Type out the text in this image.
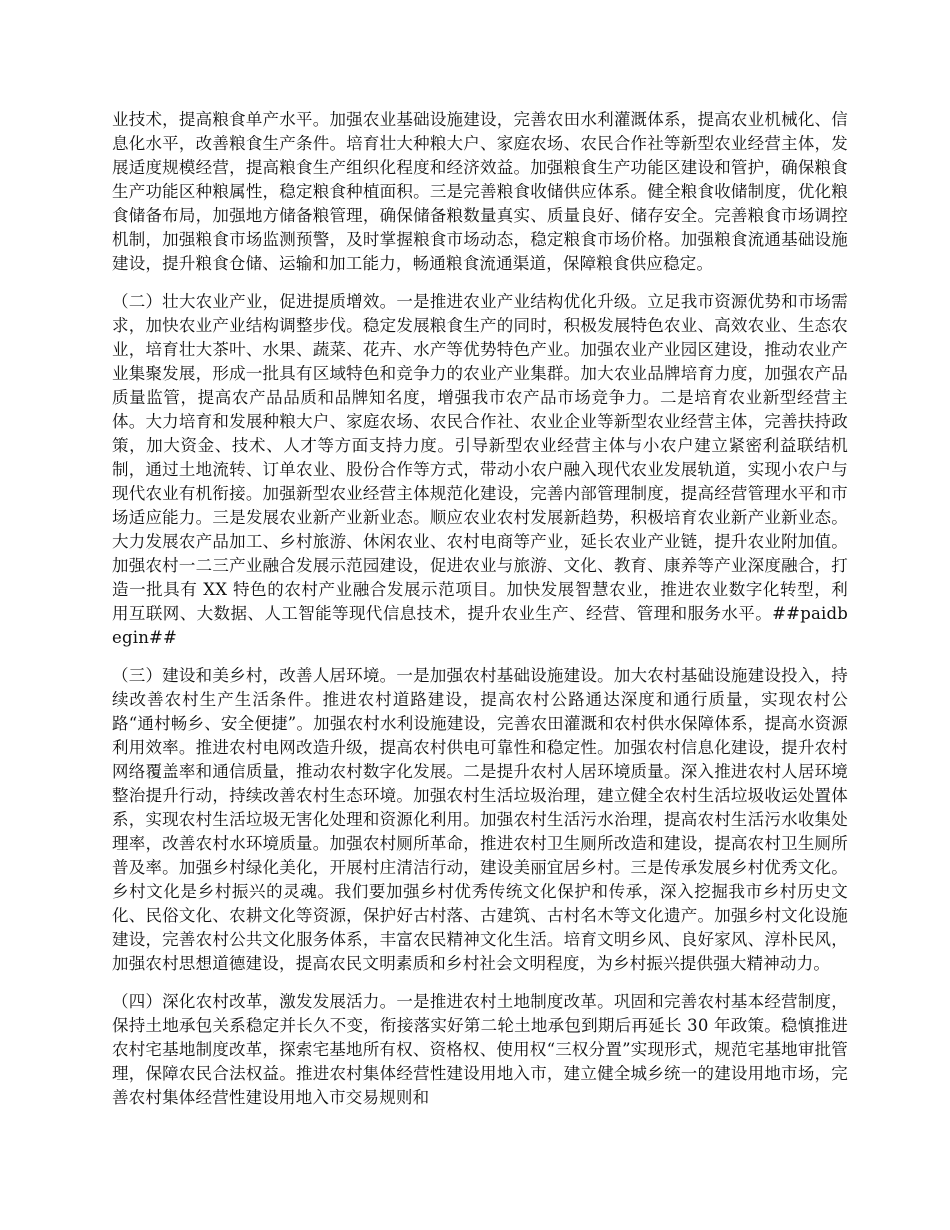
业技术，提高粮食单产水平。加强农业基础设施建设，完善农田水利灌溉体系，提高农业机械化、信息化水平，改善粮食生产条件。培育壮大种粮大户、家庭农场、农民合作社等新型农业经营主体，发展适度规模经营，提高粮食生产组织化程度和经济效益。加强粮食生产功能区建设和管护，确保粮食生产功能区种粮属性，稳定粮食种植面积。三是完善粮食收储供应体系。健全粮食收储制度，优化粮食储备布局，加强地方储备粮管理，确保储备粮数量真实、质量良好、储存安全。完善粮食市场调控机制，加强粮食市场监测预警，及时掌握粮食市场动态，稳定粮食市场价格。加强粮食流通基础设施建设，提升粮食仓储、运输和加工能力，畅通粮食流通渠道，保障粮食供应稳定。

（二）壮大农业产业，促进提质增效。一是推进农业产业结构优化升级。立足我市资源优势和市场需求，加快农业产业结构调整步伐。稳定发展粮食生产的同时，积极发展特色农业、高效农业、生态农业，培育壮大茶叶、水果、蔬菜、花卉、水产等优势特色产业。加强农业产业园区建设，推动农业产业集聚发展，形成一批具有区域特色和竞争力的农业产业集群。加大农业品牌培育力度，加强农产品质量监管，提高农产品品质和品牌知名度，增强我市农产品市场竞争力。二是培育农业新型经营主体。大力培育和发展种粮大户、家庭农场、农民合作社、农业企业等新型农业经营主体，完善扶持政策，加大资金、技术、人才等方面支持力度。引导新型农业经营主体与小农户建立紧密利益联结机制，通过土地流转、订单农业、股份合作等方式，带动小农户融入现代农业发展轨道，实现小农户与现代农业有机衔接。加强新型农业经营主体规范化建设，完善内部管理制度，提高经营管理水平和市场适应能力。三是发展农业新产业新业态。顺应农业农村发展新趋势，积极培育农业新产业新业态。大力发展农产品加工、乡村旅游、休闲农业、农村电商等产业，延长农业产业链，提升农业附加值。加强农村一二三产业融合发展示范园建设，促进农业与旅游、文化、教育、康养等产业深度融合，打造一批具有 XX 特色的农村产业融合发展示范项目。加快发展智慧农业，推进农业数字化转型，利用互联网、大数据、人工智能等现代信息技术，提升农业生产、经营、管理和服务水平。##paidbegin##

（三）建设和美乡村，改善人居环境。一是加强农村基础设施建设。加大农村基础设施建设投入，持续改善农村生产生活条件。推进农村道路建设，提高农村公路通达深度和通行质量，实现农村公路“通村畅乡、安全便捷”。加强农村水利设施建设，完善农田灌溉和农村供水保障体系，提高水资源利用效率。推进农村电网改造升级，提高农村供电可靠性和稳定性。加强农村信息化建设，提升农村网络覆盖率和通信质量，推动农村数字化发展。二是提升农村人居环境质量。深入推进农村人居环境整治提升行动，持续改善农村生态环境。加强农村生活垃圾治理，建立健全农村生活垃圾收运处置体系，实现农村生活垃圾无害化处理和资源化利用。加强农村生活污水治理，提高农村生活污水收集处理率，改善农村水环境质量。加强农村厕所革命，推进农村卫生厕所改造和建设，提高农村卫生厕所普及率。加强乡村绿化美化，开展村庄清洁行动，建设美丽宜居乡村。三是传承发展乡村优秀文化。乡村文化是乡村振兴的灵魂。我们要加强乡村优秀传统文化保护和传承，深入挖掘我市乡村历史文化、民俗文化、农耕文化等资源，保护好古村落、古建筑、古村名木等文化遗产。加强乡村文化设施建设，完善农村公共文化服务体系，丰富农民精神文化生活。培育文明乡风、良好家风、淳朴民风，加强农村思想道德建设，提高农民文明素质和乡村社会文明程度，为乡村振兴提供强大精神动力。

（四）深化农村改革，激发发展活力。一是推进农村土地制度改革。巩固和完善农村基本经营制度，保持土地承包关系稳定并长久不变，衔接落实好第二轮土地承包到期后再延长 30 年政策。稳慎推进农村宅基地制度改革，探索宅基地所有权、资格权、使用权“三权分置”实现形式，规范宅基地审批管理，保障农民合法权益。推进农村集体经营性建设用地入市，建立健全城乡统一的建设用地市场，完善农村集体经营性建设用地入市交易规则和
